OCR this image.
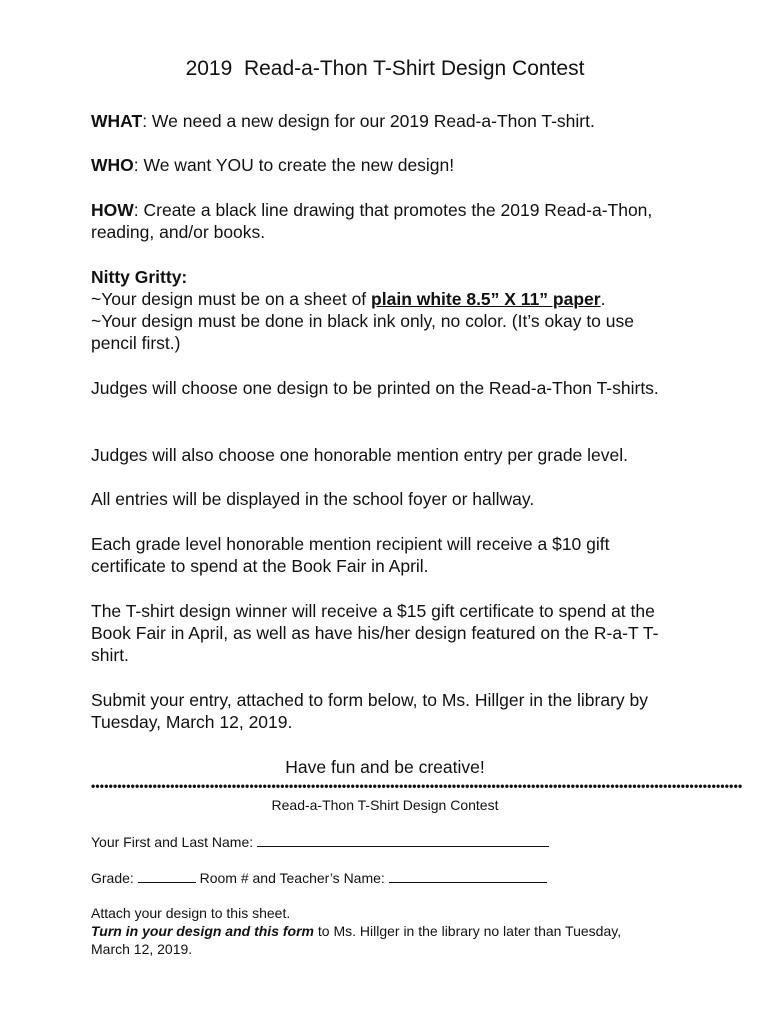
2019  Read-a-Thon T-Shirt Design Contest
WHAT: We need a new design for our 2019 Read-a-Thon T-shirt.
WHO: We want YOU to create the new design!
HOW: Create a black line drawing that promotes the 2019 Read-a-Thon, reading, and/or books.
Nitty Gritty:
~Your design must be on a sheet of plain white 8.5” X 11” paper.
~Your design must be done in black ink only, no color. (It’s okay to use pencil first.)
Judges will choose one design to be printed on the Read-a-Thon T-shirts.
Judges will also choose one honorable mention entry per grade level.
All entries will be displayed in the school foyer or hallway.
Each grade level honorable mention recipient will receive a $10 gift certificate to spend at the Book Fair in April.
The T-shirt design winner will receive a $15 gift certificate to spend at the Book Fair in April, as well as have his/her design featured on the R-a-T T-shirt.
Submit your entry, attached to form below, to Ms. Hillger in the library by Tuesday, March 12, 2019.
Have fun and be creative!
••••••••••••••••••••••••••••••••••••••••••••••••••••••••••••••••••••••••••••••••••••••••••••••••••••••••••••••••••••••••••••••••••••••••••••••••••••
Read-a-Thon T-Shirt Design Contest
Your First and Last Name:
Grade:	Room # and Teacher’s Name:
Attach your design to this sheet.
Turn in your design and this form to Ms. Hillger in the library no later than Tuesday, March 12, 2019.
